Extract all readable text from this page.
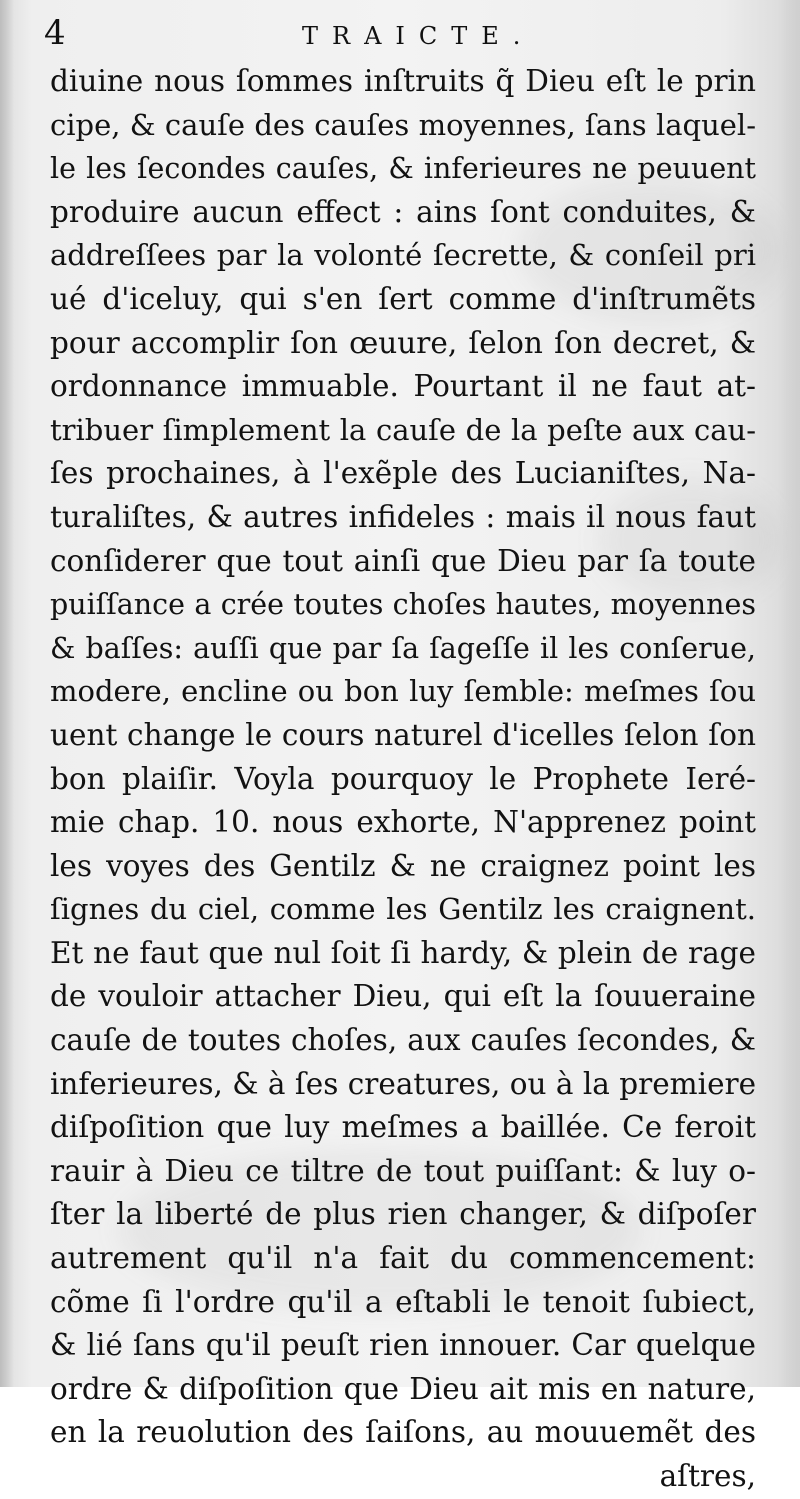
4	TRAICTE.
diuine nous ſommes inſtruits q̃ Dieu eſt le prin
cipe, & cauſe des cauſes moyennes, ſans laquel-
le les ſecondes cauſes, & inferieures ne peuuent
produire aucun effect : ains ſont conduites, &
addreſſees par la volonté ſecrette, & conſeil pri
ué d'iceluy, qui s'en ſert comme d'inſtrumẽts
pour accomplir ſon œuure, ſelon ſon decret, &
ordonnance immuable. Pourtant il ne faut at-
tribuer ſimplement la cauſe de la peſte aux cau-
ſes prochaines, à l'exẽple des Lucianiſtes, Na-
turaliſtes, & autres infideles : mais il nous faut
conſiderer que tout ainſi que Dieu par ſa toute
puiſſance a crée toutes choſes hautes, moyennes
& baſſes: auſſi que par ſa ſageſſe il les conſerue,
modere, encline ou bon luy ſemble: meſmes ſou
uent change le cours naturel d'icelles ſelon ſon
bon plaiſir. Voyla pourquoy le Prophete Ieré-
mie chap. 10. nous exhorte, N'apprenez point
les voyes des Gentilz & ne craignez point les
ſignes du ciel, comme les Gentilz les craignent.
Et ne faut que nul ſoit ſi hardy, & plein de rage
de vouloir attacher Dieu, qui eſt la ſouueraine
cauſe de toutes choſes, aux cauſes ſecondes, &
inferieures, & à ſes creatures, ou à la premiere
diſpoſition que luy meſmes a baillée. Ce feroit
rauir à Dieu ce tiltre de tout puiſſant: & luy o-
ſter la liberté de plus rien changer, & diſpoſer
autrement qu'il n'a fait du commencement:
cõme ſi l'ordre qu'il a eſtabli le tenoit ſubiect,
& lié ſans qu'il peuſt rien innouer. Car quelque
ordre & diſpoſition que Dieu ait mis en nature,
en la reuolution des ſaiſons, au mouuemẽt des
aſtres,
